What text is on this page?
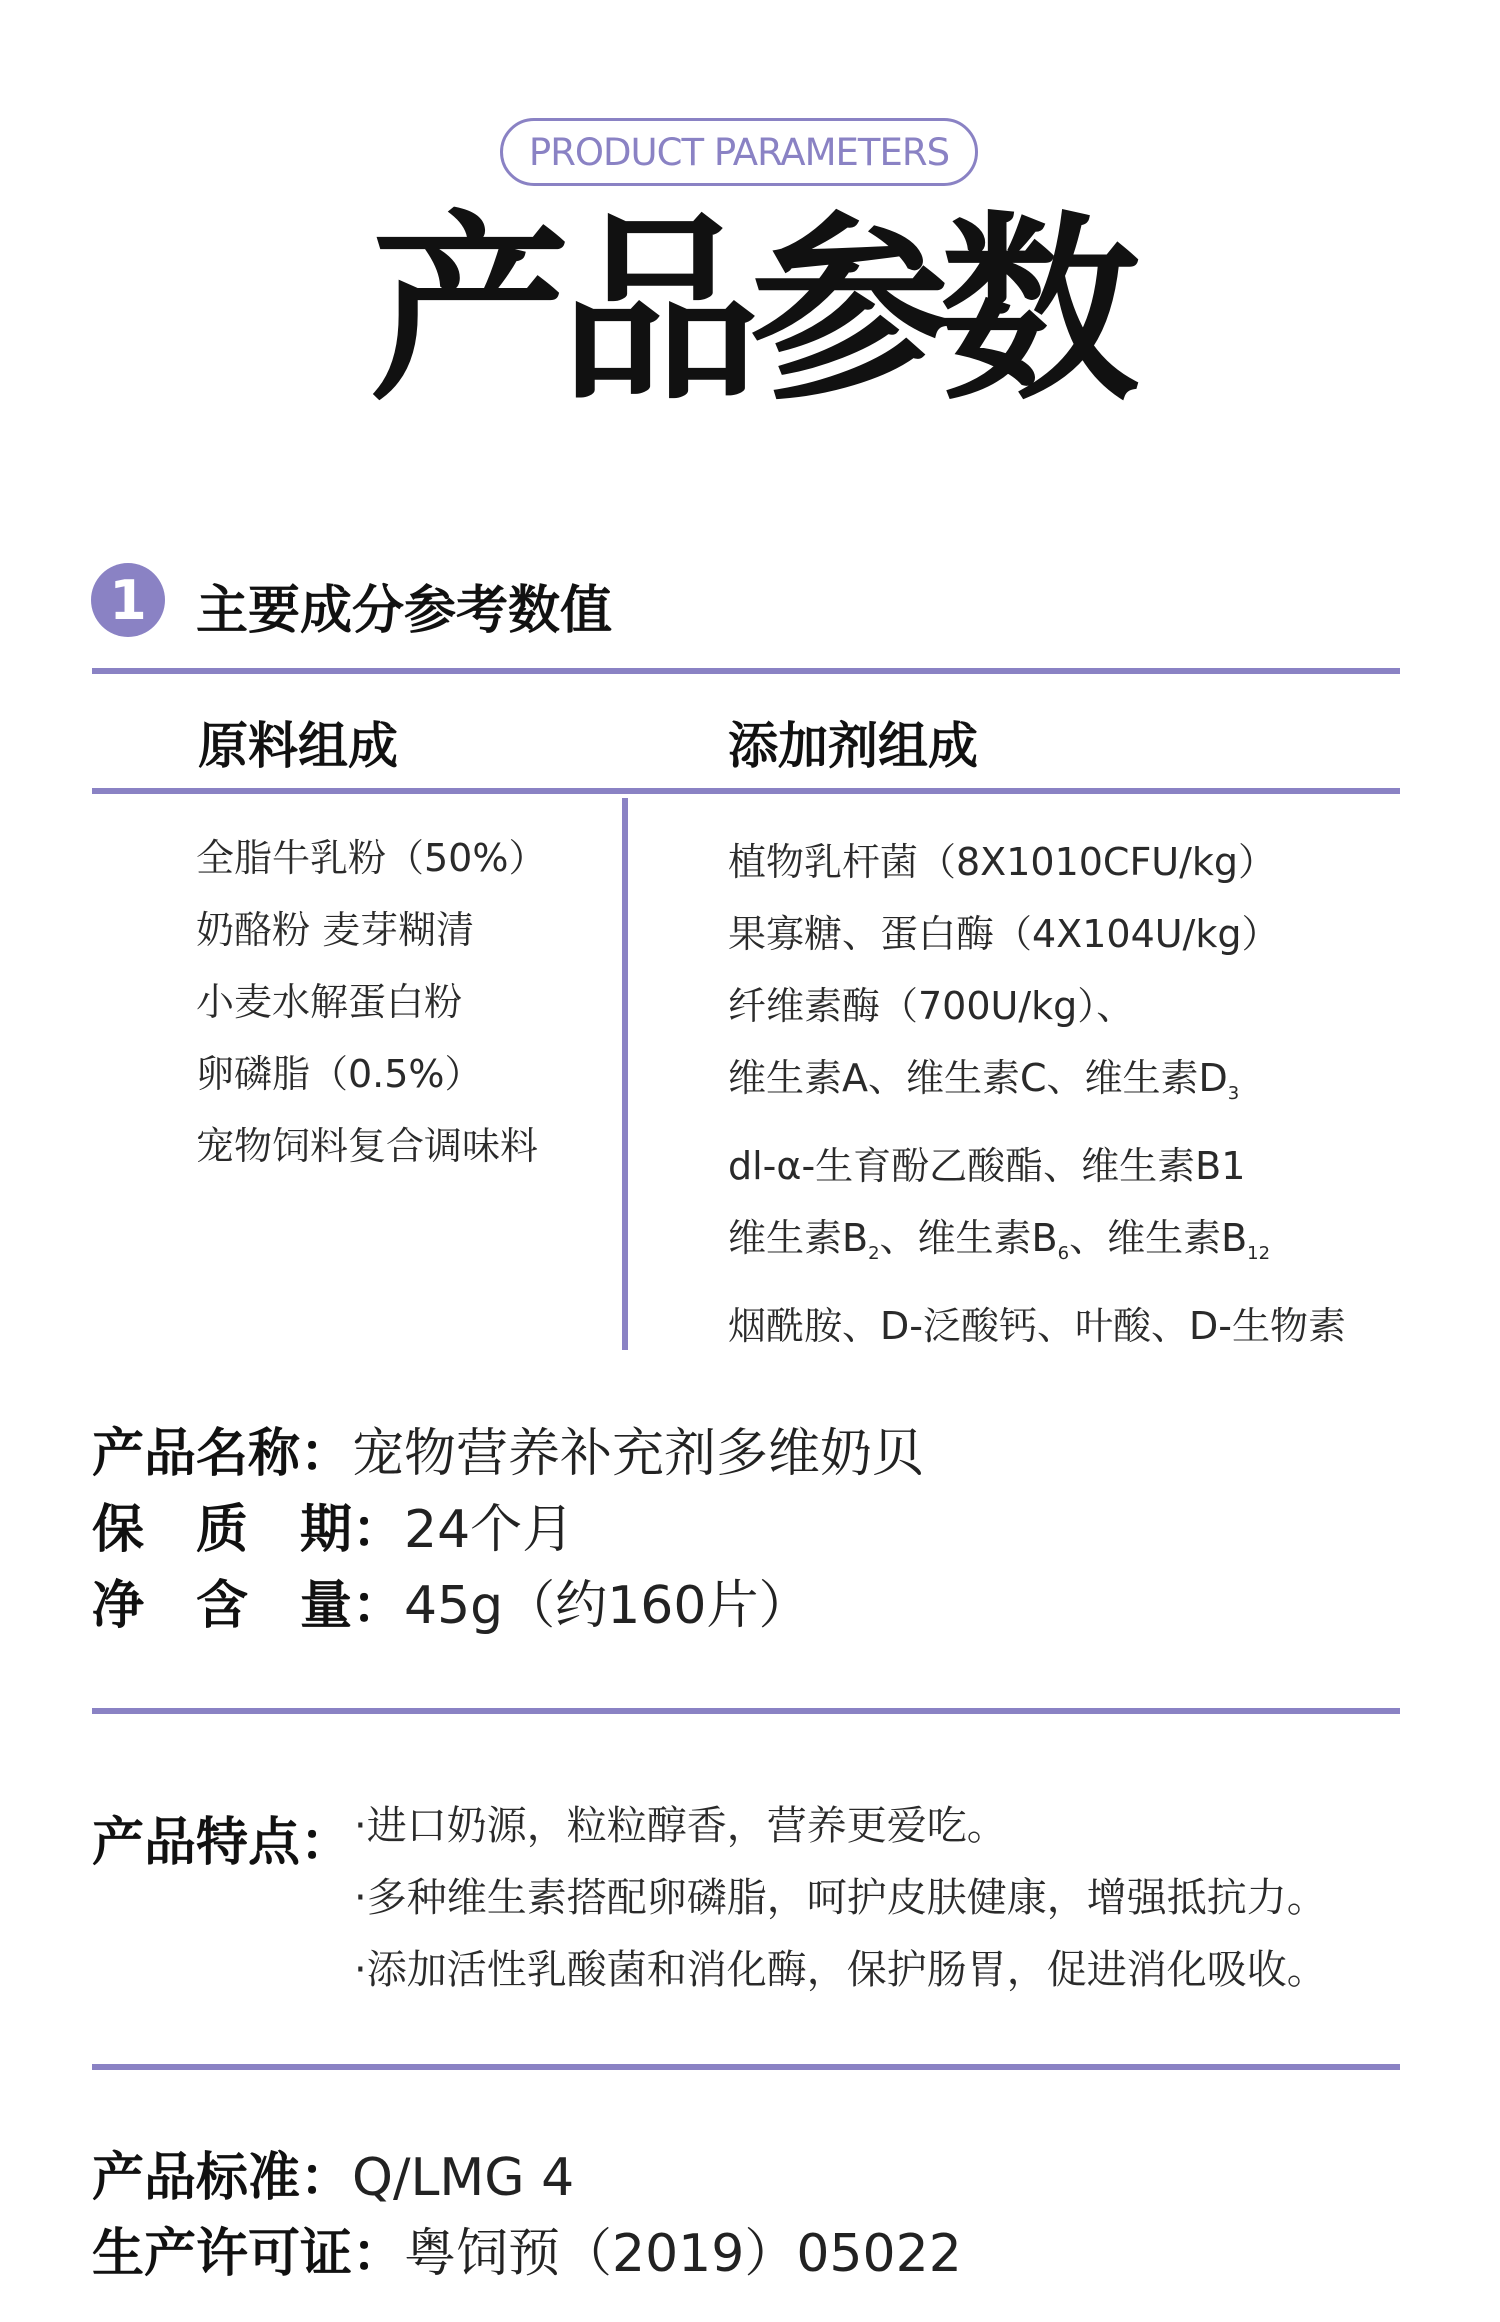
PRODUCT PARAMETERS
产品参数
1 主要成分参考数值
原料组成	添加剂组成
全脂牛乳粉（50%）
奶酪粉 麦芽糊清
小麦水解蛋白粉
卵磷脂（0.5%）
宠物饲料复合调味料
植物乳杆菌（8X1010CFU/kg）
果寡糖、蛋白酶（4X104U/kg）
纤维素酶（700U/kg）、
维生素A、维生素C、维生素$D_3$
dl-α-生育酚乙酸酯、维生素B1
维生素$B_2$、维生素$B_6$、维生素$B_{12}$
烟酰胺、D-泛酸钙、叶酸、D-生物素
产品名称：宠物营养补充剂多维奶贝
保质期：24个月
净含量：45g（约160片）
产品特点： ·进口奶源，粒粒醇香，营养更爱吃。
·多种维生素搭配卵磷脂，呵护皮肤健康，增强抵抗力。
·添加活性乳酸菌和消化酶，保护肠胃，促进消化吸收。
产品标准：Q/LMG 4
生产许可证：粤饲预（2019）05022
